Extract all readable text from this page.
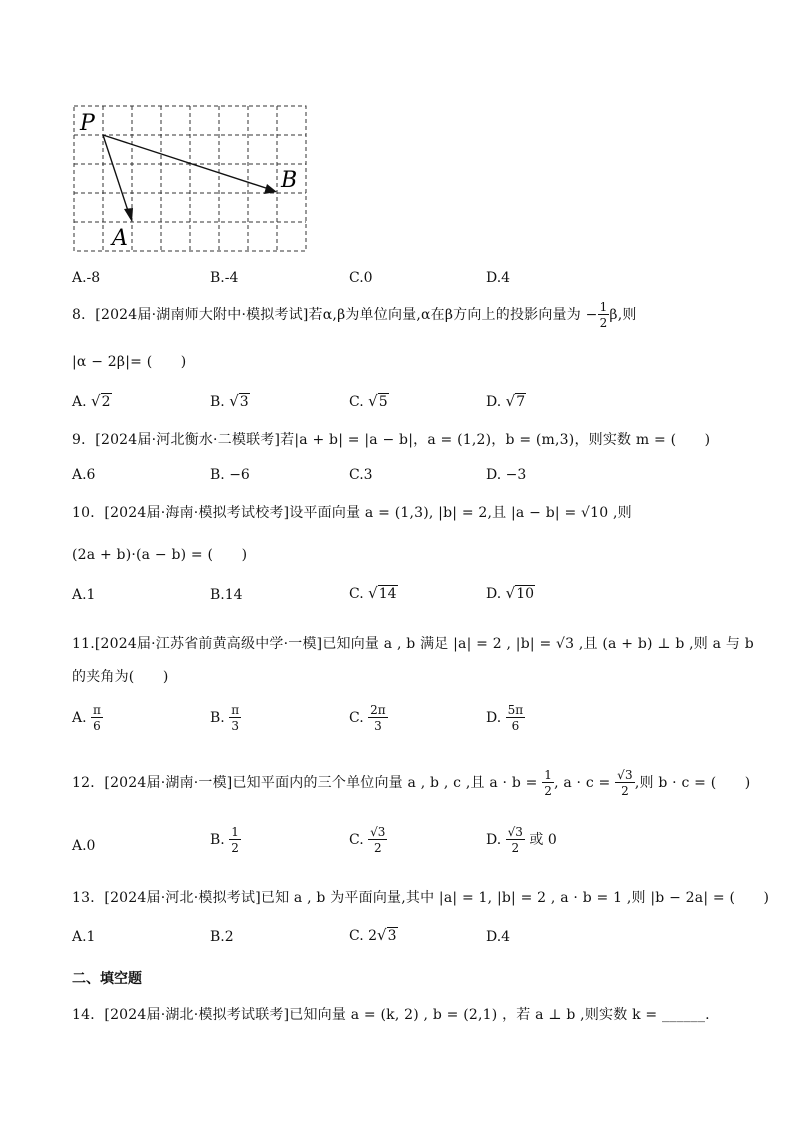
P
A
B
A.-8	B.-4	C.0	D.4
8．[2024届·湖南师大附中·模拟考试]若α,β为单位向量,α在β方向上的投影向量为 − $\frac{1}{2} \beta$,则
|α − 2β|= (　　)
A. √2	B. √3	C. √5	D. √7
9．[2024届·河北衡水·二模联考]若|a + b| = |a − b|，a = (1,2)，b = (m,3)，则实数 m = (　　)
A.6	B. −6	C.3	D. −3
10．[2024届·海南·模拟考试校考]设平面向量 a = (1,3), |b| = 2,且 |a − b| = √10 ,则
(2a + b)·(a − b) = (　　)
A.1	B.14	C. √14	D. √10
11.[2024届·江苏省前黄高级中学·一模]已知向量 a , b 满足 |a| = 2 , |b| = √3 ,且 (a + b) ⊥ b ,则 a 与 b
的夹角为(　　)
A. $\frac{\pi}{6}$	B. $\frac{\pi}{3}$	C. $\frac{2\pi}{3}$	D. $\frac{5\pi}{6}$
12．[2024届·湖南·一模]已知平面内的三个单位向量 a , b , c ,且 $a \cdot b = \frac{1}{2}$ , $a \cdot c = \frac{√3}{2}$ ,则 b · c = (　　)
A.0	B. $\frac{1}{2}$	C. $\frac{√3}{2}$	D. $\frac{√3}{2}$ 或 0
13．[2024届·河北·模拟考试]已知 a , b 为平面向量,其中 |a| = 1, |b| = 2 , a · b = 1 ,则 |b − 2a| = (　　)
A.1	B.2	C. 2√3	D.4
二、填空题
14．[2024届·湖北·模拟考试联考]已知向量 a = (k, 2) , b = (2,1) ，若 a ⊥ b ,则实数 k = ______.
